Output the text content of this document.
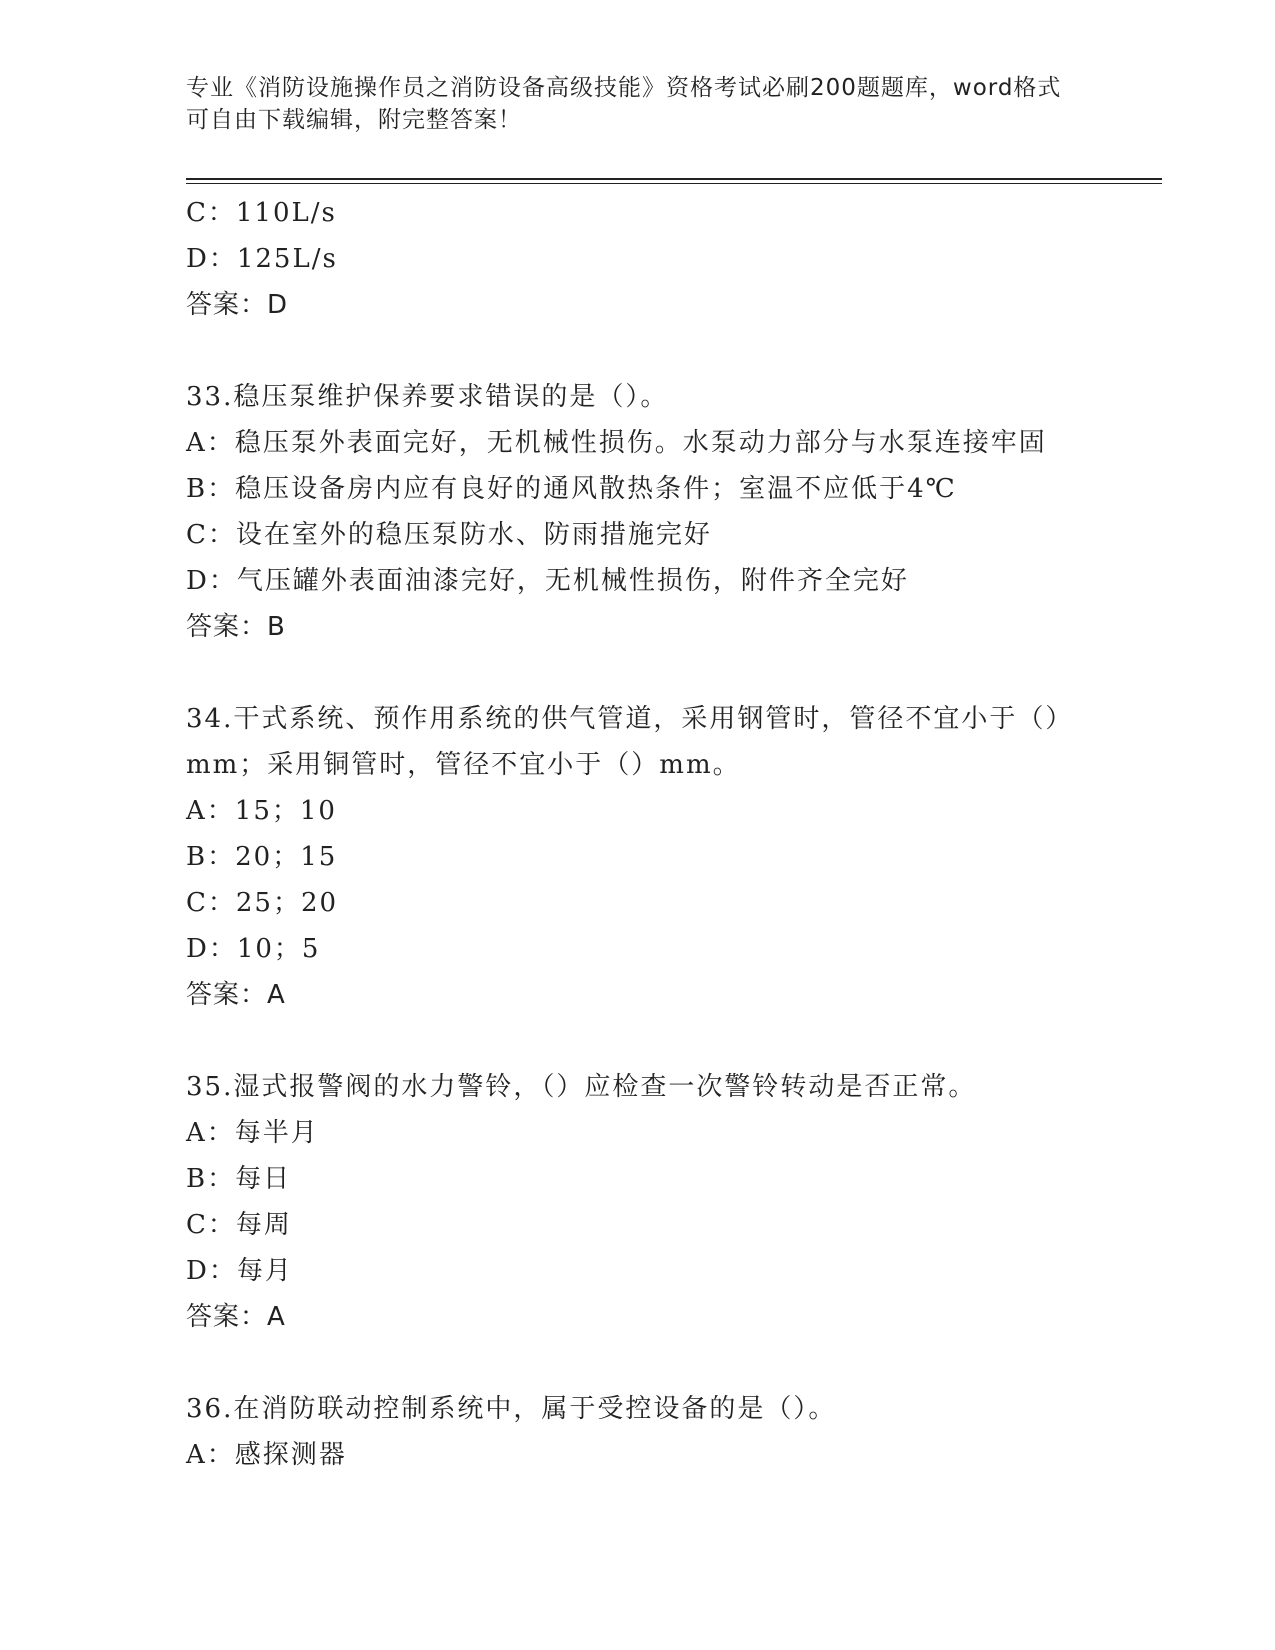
专业《消防设施操作员之消防设备高级技能》资格考试必刷200题题库，word格式可自由下载编辑，附完整答案！
C：110L/s
D：125L/s
答案：D
33.稳压泵维护保养要求错误的是（）。
A：稳压泵外表面完好，无机械性损伤。水泵动力部分与水泵连接牢固
B：稳压设备房内应有良好的通风散热条件；室温不应低于4℃
C：设在室外的稳压泵防水、防雨措施完好
D：气压罐外表面油漆完好，无机械性损伤，附件齐全完好
答案：B
34.干式系统、预作用系统的供气管道，采用钢管时，管径不宜小于（）mm；采用铜管时，管径不宜小于（）mm。
A：15；10
B：20；15
C：25；20
D：10；5
答案：A
35.湿式报警阀的水力警铃，（）应检查一次警铃转动是否正常。
A：每半月
B：每日
C：每周
D：每月
答案：A
36.在消防联动控制系统中，属于受控设备的是（）。
A：感探测器
